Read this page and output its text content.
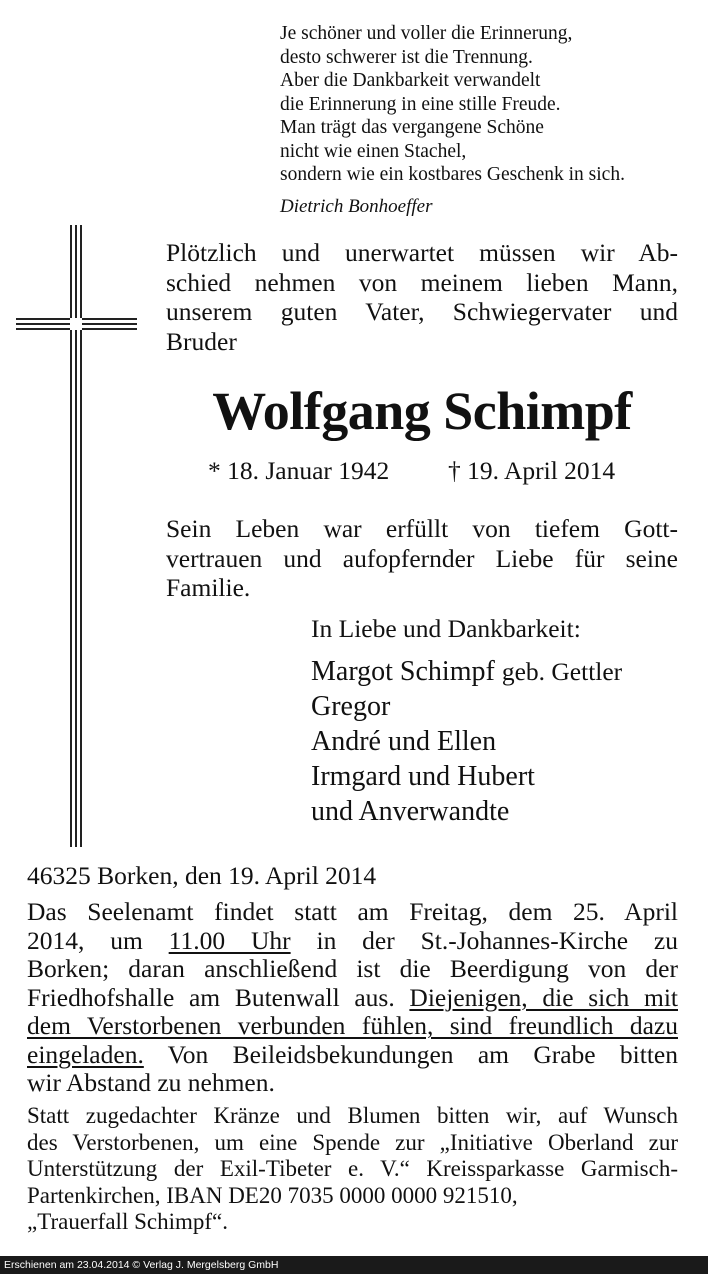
Je schöner und voller die Erinnerung,
desto schwerer ist die Trennung.
Aber die Dankbarkeit verwandelt
die Erinnerung in eine stille Freude.
Man trägt das vergangene Schöne
nicht wie einen Stachel,
sondern wie ein kostbares Geschenk in sich.
Dietrich Bonhoeffer
Plötzlich und unerwartet müssen wir Ab-
schied nehmen von meinem lieben Mann,
unserem guten Vater, Schwiegervater und
Bruder
Wolfgang Schimpf
* 18. Januar 1942 † 19. April 2014
Sein Leben war erfüllt von tiefem Gott-
vertrauen und aufopfernder Liebe für seine
Familie.
In Liebe und Dankbarkeit:
Margot Schimpf geb. Gettler
Gregor
André und Ellen
Irmgard und Hubert
und Anverwandte
46325 Borken, den 19. April 2014
Das Seelenamt findet statt am Freitag, dem 25. April
2014, um 11.00 Uhr in der St.-Johannes-Kirche zu
Borken; daran anschließend ist die Beerdigung von der
Friedhofshalle am Butenwall aus. Diejenigen, die sich mit
dem Verstorbenen verbunden fühlen, sind freundlich dazu
eingeladen. Von Beileidsbekundungen am Grabe bitten
wir Abstand zu nehmen.
Statt zugedachter Kränze und Blumen bitten wir, auf Wunsch
des Verstorbenen, um eine Spende zur „Initiative Oberland zur
Unterstützung der Exil-Tibeter e. V.“ Kreissparkasse Garmisch-
Partenkirchen, IBAN DE20 7035 0000 0000 921510,
„Trauerfall Schimpf“.
Erschienen am 23.04.2014 © Verlag J. Mergelsberg GmbH
